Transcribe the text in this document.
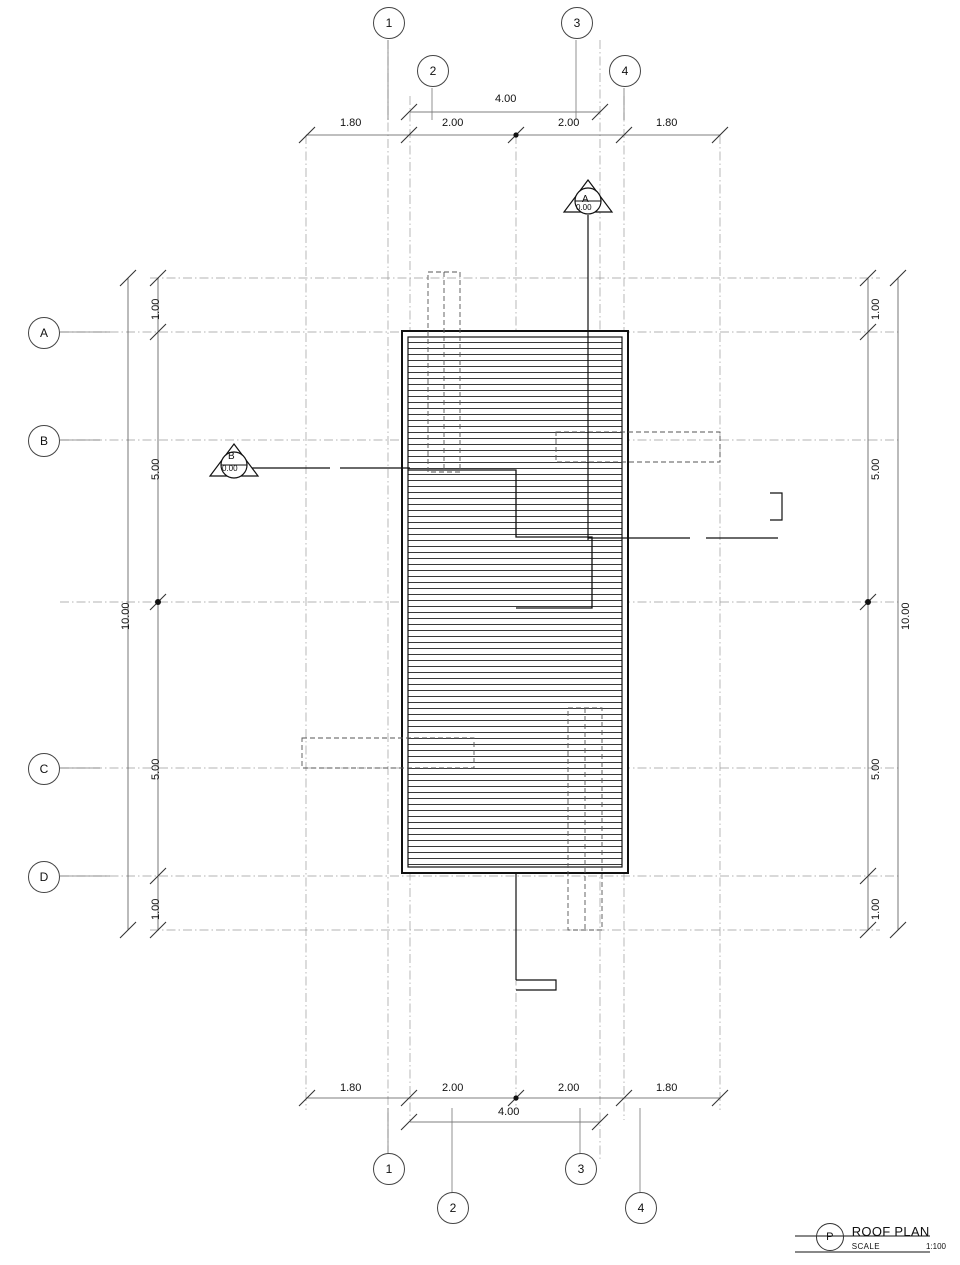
1
2
3
4
1
2
3
4
A
B
C
D
A
0.00
B
0.00
1.80	2.00	2.00	1.80
4.00
1.80	2.00	2.00	1.80
4.00
1.00
5.00
5.00
1.00
10.00
1.00
5.00
5.00
1.00
10.00
P ROOF PLAN
SCALE	1:100
